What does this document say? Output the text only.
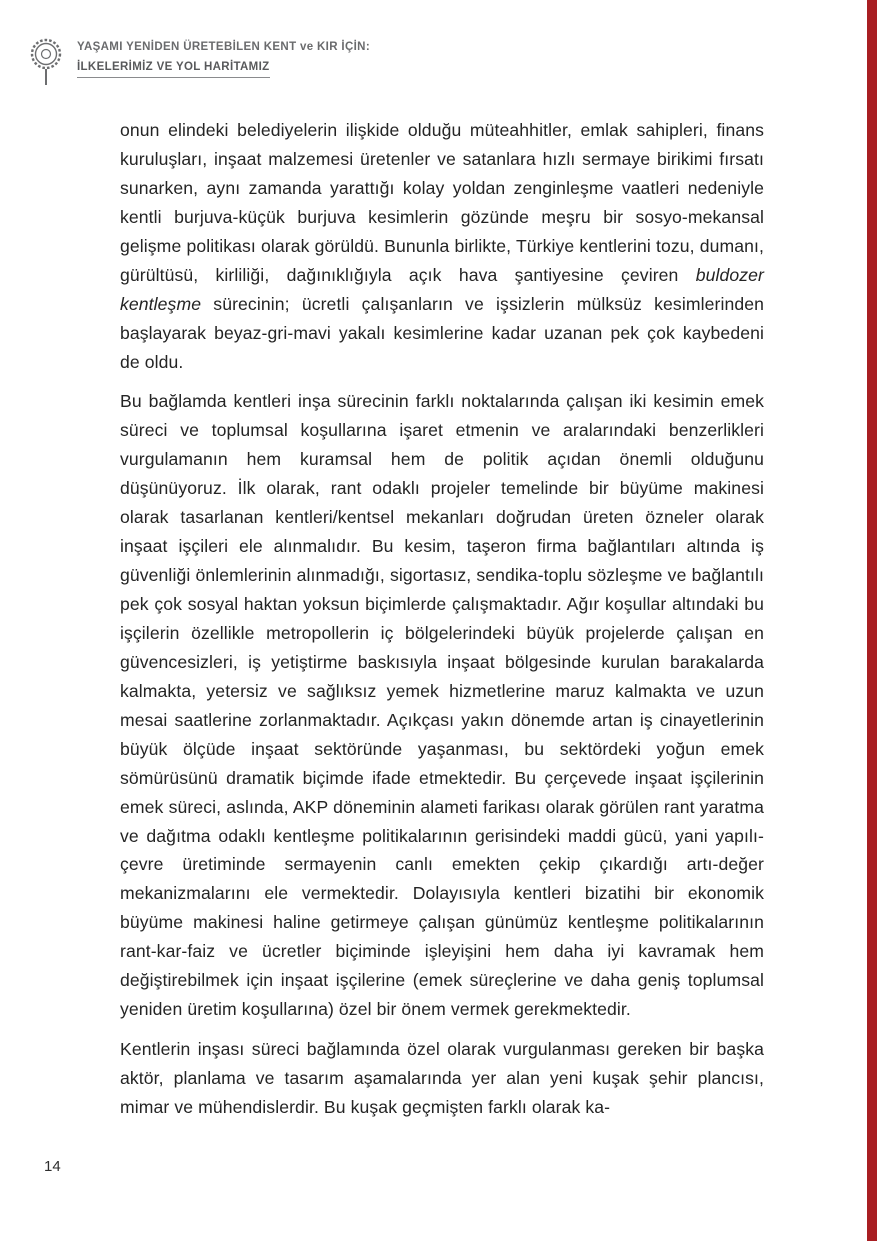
YAŞAMI YENİDEN ÜRETEBİLEN KENT ve KIR İÇİN:
İLKELERİMİZ VE YOL HARİTAMIZ

onun elindeki belediyelerin ilişkide olduğu müteahhitler, emlak sahipleri, finans kuruluşları, inşaat malzemesi üretenler ve satanlara hızlı sermaye birikimi fırsatı sunarken, aynı zamanda yarattığı kolay yoldan zenginleşme vaatleri nedeniyle kentli burjuva-küçük burjuva kesimlerin gözünde meşru bir sosyo-mekansal gelişme politikası olarak görüldü. Bununla birlikte, Türkiye kentlerini tozu, dumanı, gürültüsü, kirliliği, dağınıklığıyla açık hava şantiyesine çeviren buldozer kentleşme sürecinin; ücretli çalışanların ve işsizlerin mülksüz kesimlerinden başlayarak beyaz-gri-mavi yakalı kesimlerine kadar uzanan pek çok kaybedeni de oldu.

Bu bağlamda kentleri inşa sürecinin farklı noktalarında çalışan iki kesimin emek süreci ve toplumsal koşullarına işaret etmenin ve aralarındaki benzerlikleri vurgulamanın hem kuramsal hem de politik açıdan önemli olduğunu düşünüyoruz. İlk olarak, rant odaklı projeler temelinde bir büyüme makinesi olarak tasarlanan kentleri/kentsel mekanları doğrudan üreten özneler olarak inşaat işçileri ele alınmalıdır. Bu kesim, taşeron firma bağlantıları altında iş güvenliği önlemlerinin alınmadığı, sigortasız, sendika-toplu sözleşme ve bağlantılı pek çok sosyal haktan yoksun biçimlerde çalışmaktadır. Ağır koşullar altındaki bu işçilerin özellikle metropollerin iç bölgelerindeki büyük projelerde çalışan en güvencesizleri, iş yetiştirme baskısıyla inşaat bölgesinde kurulan barakalarda kalmakta, yetersiz ve sağlıksız yemek hizmetlerine maruz kalmakta ve uzun mesai saatlerine zorlanmaktadır. Açıkçası yakın dönemde artan iş cinayetlerinin büyük ölçüde inşaat sektöründe yaşanması, bu sektördeki yoğun emek sömürüsünü dramatik biçimde ifade etmektedir. Bu çerçevede inşaat işçilerinin emek süreci, aslında, AKP döneminin alameti farikası olarak görülen rant yaratma ve dağıtma odaklı kentleşme politikalarının gerisindeki maddi gücü, yani yapılı-çevre üretiminde sermayenin canlı emekten çekip çıkardığı artı-değer mekanizmalarını ele vermektedir. Dolayısıyla kentleri bizatihi bir ekonomik büyüme makinesi haline getirmeye çalışan günümüz kentleşme politikalarının rant-kar-faiz ve ücretler biçiminde işleyişini hem daha iyi kavramak hem değiştirebilmek için inşaat işçilerine (emek süreçlerine ve daha geniş toplumsal yeniden üretim koşullarına) özel bir önem vermek gerekmektedir.

Kentlerin inşası süreci bağlamında özel olarak vurgulanması gereken bir başka aktör, planlama ve tasarım aşamalarında yer alan yeni kuşak şehir plancısı, mimar ve mühendislerdir. Bu kuşak geçmişten farklı olarak ka-

14
